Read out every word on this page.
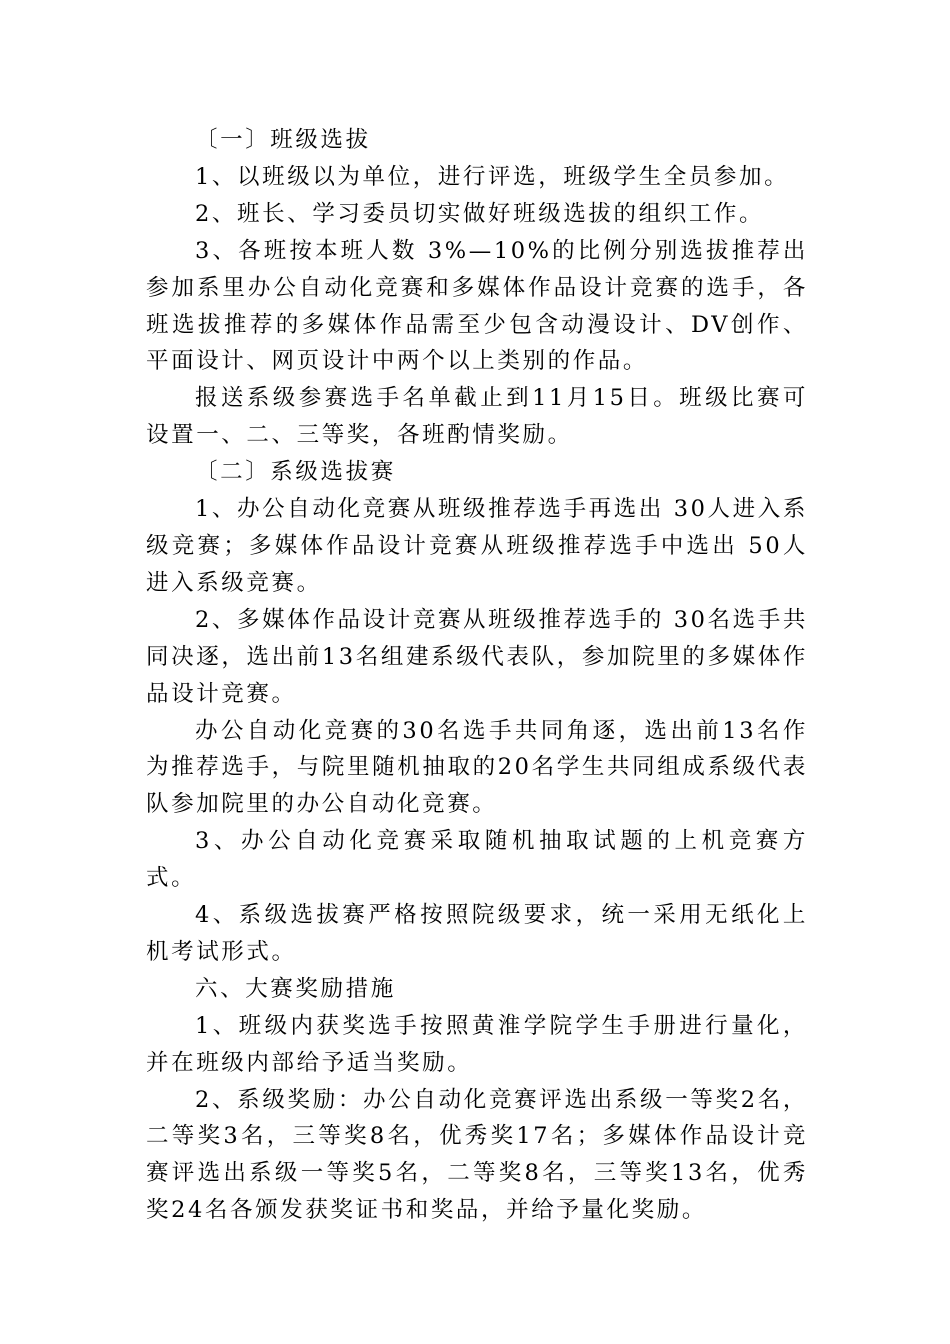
〔一〕班级选拔

1、以班级以为单位，进行评选，班级学生全员参加。

2、班长、学习委员切实做好班级选拔的组织工作。

3、各班按本班人数 3%—10%的比例分别选拔推荐出参加系里办公自动化竞赛和多媒体作品设计竞赛的选手，各班选拔推荐的多媒体作品需至少包含动漫设计、DV创作、平面设计、网页设计中两个以上类别的作品。

报送系级参赛选手名单截止到11月15日。班级比赛可设置一、二、三等奖，各班酌情奖励。

〔二〕系级选拔赛

1、办公自动化竞赛从班级推荐选手再选出 30人进入系级竞赛；多媒体作品设计竞赛从班级推荐选手中选出 50人进入系级竞赛。

2、多媒体作品设计竞赛从班级推荐选手的 30名选手共同决逐，选出前13名组建系级代表队，参加院里的多媒体作品设计竞赛。

办公自动化竞赛的30名选手共同角逐，选出前13名作为推荐选手，与院里随机抽取的20名学生共同组成系级代表队参加院里的办公自动化竞赛。

3、办公自动化竞赛采取随机抽取试题的上机竞赛方式。

4、系级选拔赛严格按照院级要求，统一采用无纸化上机考试形式。

六、大赛奖励措施

1、班级内获奖选手按照黄淮学院学生手册进行量化，并在班级内部给予适当奖励。

2、系级奖励：办公自动化竞赛评选出系级一等奖2名，二等奖3名，三等奖8名，优秀奖17名；多媒体作品设计竞赛评选出系级一等奖5名，二等奖8名，三等奖13名，优秀奖24名各颁发获奖证书和奖品，并给予量化奖励。
